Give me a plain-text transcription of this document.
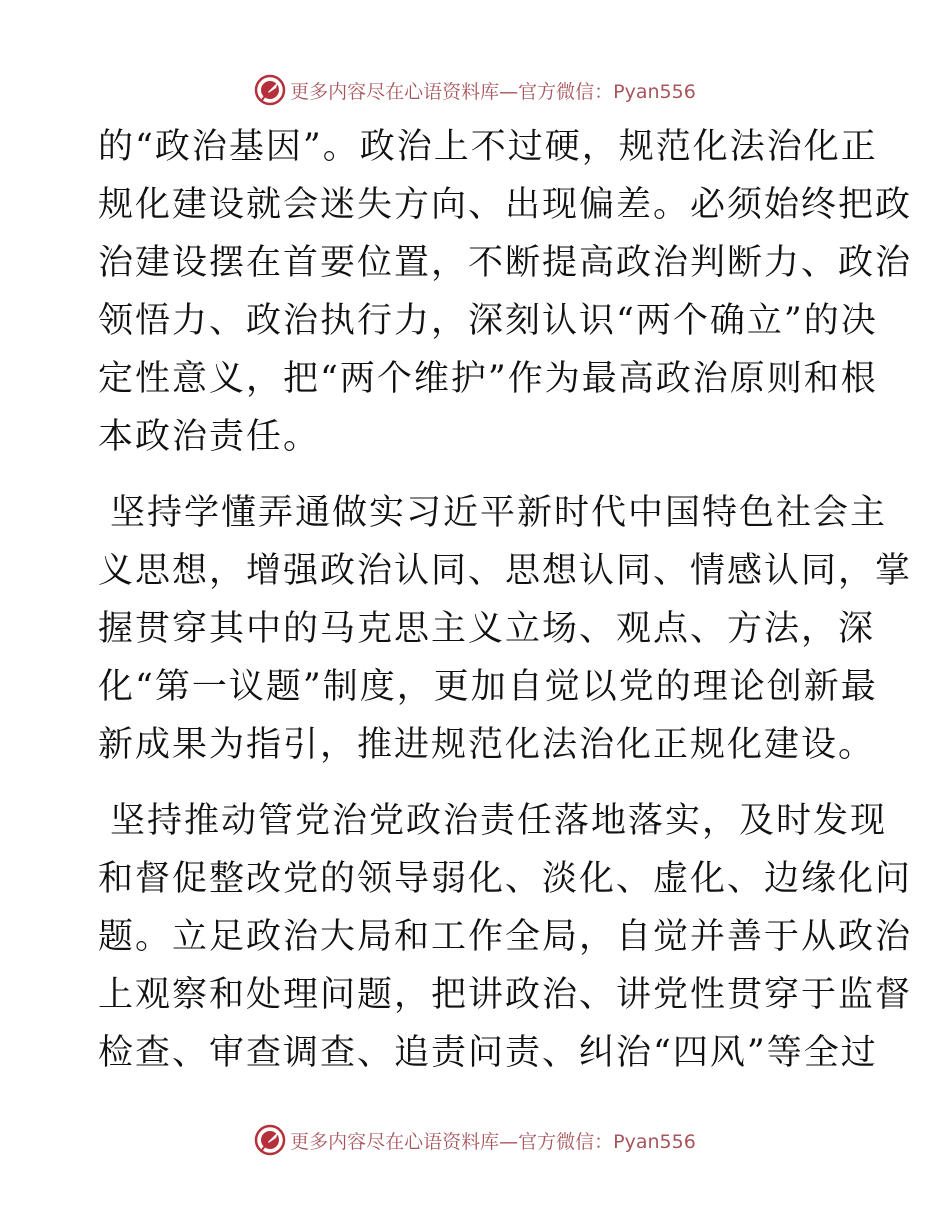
更多内容尽在心语资料库 —官方微信：Pyan556

的“政治基因”。政治上不过硬，规范化法治化正
规化建设就会迷失方向、出现偏差。必须始终把政
治建设摆在首要位置，不断提高政治判断力、政治
领悟力、政治执行力，深刻认识“两个确立”的决
定性意义，把“两个维护”作为最高政治原则和根
本政治责任。

坚持学懂弄通做实习近平新时代中国特色社会主
义思想，增强政治认同、思想认同、情感认同，掌
握贯穿其中的马克思主义立场、观点、方法，深
化“第一议题”制度，更加自觉以党的理论创新最
新成果为指引，推进规范化法治化正规化建设。

坚持推动管党治党政治责任落地落实，及时发现
和督促整改党的领导弱化、淡化、虚化、边缘化问
题。立足政治大局和工作全局，自觉并善于从政治
上观察和处理问题，把讲政治、讲党性贯穿于监督
检查、审查调查、追责问责、纠治“四风”等全过

更多内容尽在心语资料库 —官方微信：Pyan556
